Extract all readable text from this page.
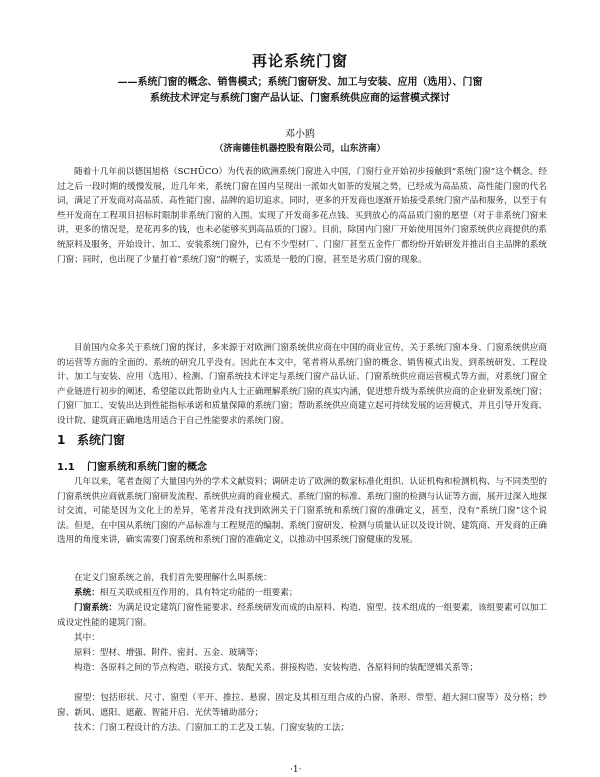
再论系统门窗
——系统门窗的概念、销售模式；系统门窗研发、加工与安装、应用（选用）、门窗
系统技术评定与系统门窗产品认证、门窗系统供应商的运营模式探讨
邓小鸥
（济南德佳机器控股有限公司，山东济南）

随着十几年前以德国旭格（SCHÜCO）为代表的欧洲系统门窗进入中国，门窗行业开始初步接触到“系统门窗”这个概念。经过之后一段时期的缓慢发展，近几年来，系统门窗在国内呈现出一派如火如荼的发展之势，已经成为高品质、高性能门窗的代名词，满足了开发商对高品质、高性能门窗、品牌的追切追求。同时，更多的开发商也逐渐开始接受系统门窗产品和服务，以至于有些开发商在工程项目招标时限制非系统门窗的入围。实现了开发商多花点钱、买到放心的高品质门窗的愿望（对于非系统门窗来讲，更多的情况是，是花再多的钱，也未必能够买到高品质的门窗）。目前，除国内门窗厂开始使用国外门窗系统供应商提供的系统原料及服务，开始设计、加工、安装系统门窗外，已有不少型材厂、门窗厂甚至五金件厂都纷纷开始研发并推出自主品牌的系统门窗；同时，也出现了少量打着“系统门窗”的幌子，实质是一般的门窗，甚至是劣质门窗的现象。

目前国内众多关于系统门窗的探讨，多来源于对欧洲门窗系统供应商在中国的商业宣传，关于系统门窗本身、门窗系统供应商的运营等方面的全面的、系统的研究几乎没有。因此在本文中，笔者将从系统门窗的概念、销售模式出发，到系统研发、工程设计、加工与安装、应用（选用）、检测、门窗系统技术评定与系统门窗产品认证、门窗系统供应商运营模式等方面，对系统门窗全产业链进行初步的阐述，希望能以此帮助业内人士正确理解系统门窗的真实内涵，促进想升级为系统供应商的企业研发系统门窗；门窗厂加工、安装出达到性能指标承诺和质量保障的系统门窗；帮助系统供应商建立起可持续发展的运营模式，并且引导开发商、设计院、建筑商正确地选用适合于自己性能要求的系统门窗。

1 系统门窗
1.1 门窗系统和系统门窗的概念

几年以来，笔者查阅了大量国内外的学术文献资料；调研走访了欧洲的数家标准化组织、认证机构和检测机构、与不同类型的门窗系统供应商就系统门窗研发流程、系统供应商的商业模式、系统门窗的标准、系统门窗的检测与认证等方面，展开过深入地探讨交流，可能是因为文化上的差异，笔者并没有找到欧洲关于门窗系统和系统门窗的准确定义，甚至，没有“系统门窗”这个说法。但是，在中国从系统门窗的产品标准与工程规范的编制、系统门窗研发、检测与质量认证以及设计院、建筑商、开发商的正确选用的角度来讲，确实需要门窗系统和系统门窗的准确定义，以推动中国系统门窗健康的发展。

在定义门窗系统之前，我们首先要理解什么叫系统：

系统：相互关联或相互作用的、具有特定功能的一组要素；

门窗系统：为满足设定建筑门窗性能要求、经系统研发而成的由原料、构造、窗型、技术组成的一组要素，该组要素可以加工成设定性能的建筑门窗。

其中：

原料：型材、增强、附件、密封、五金、玻璃等；

构造：各原料之间的节点构造、联接方式、装配关系、拼接构造、安装构造、各原料间的装配逻辑关系等；

窗型：包括形状、尺寸、窗型（平开、推拉、悬窗、固定及其相互组合成的凸窗、条形、带型、超大洞口窗等）及分格；纱窗、新风、遮阳、遮蔽、智能开启、光伏等辅助部分；

技术：门窗工程设计的方法、门窗加工的工艺及工装、门窗安装的工法；

·1·
